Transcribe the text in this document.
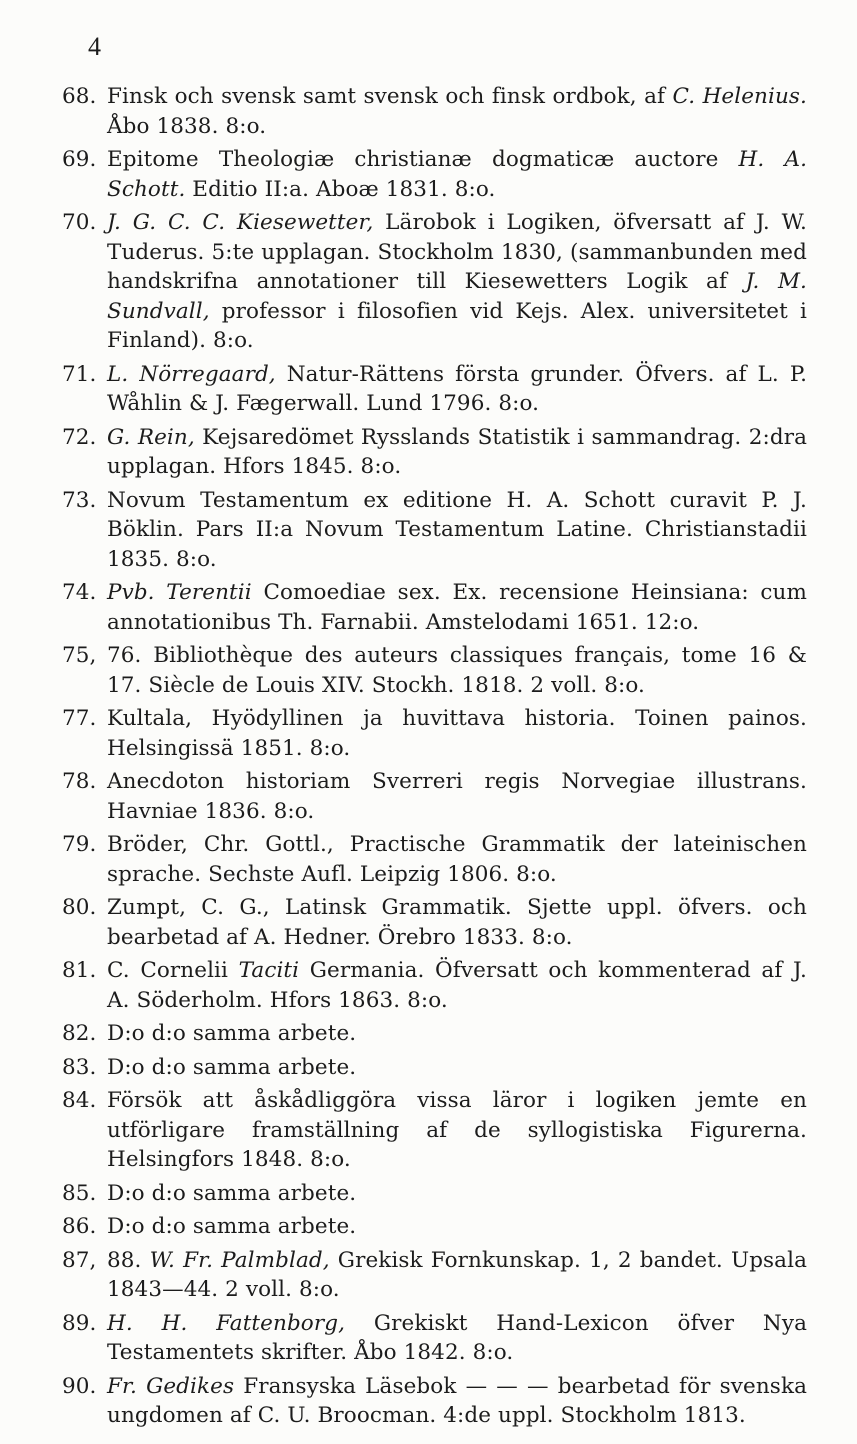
4
68. Finsk och svensk samt svensk och finsk ordbok, af C. Helenius. Åbo 1838. 8:o.
69. Epitome Theologiæ christianæ dogmaticæ auctore H. A. Schott. Editio II:a. Aboæ 1831. 8:o.
70. J. G. C. C. Kiesewetter, Lärobok i Logiken, öfversatt af J. W. Tuderus. 5:te upplagan. Stockholm 1830, (sammanbunden med handskrifna annotationer till Kiesewetters Logik af J. M. Sundvall, professor i filosofien vid Kejs. Alex. universitetet i Finland). 8:o.
71. L. Nörregaard, Natur-Rättens första grunder. Öfvers. af L. P. Wåhlin & J. Fægerwall. Lund 1796. 8:o.
72. G. Rein, Kejsaredömet Rysslands Statistik i sammandrag. 2:dra upplagan. Hfors 1845. 8:o.
73. Novum Testamentum ex editione H. A. Schott curavit P. J. Böklin. Pars II:a Novum Testamentum Latine. Christianstadii 1835. 8:o.
74. Pvb. Terentii Comoediae sex. Ex. recensione Heinsiana: cum annotationibus Th. Farnabii. Amstelodami 1651. 12:o.
75, 76. Bibliothèque des auteurs classiques français, tome 16 & 17. Siècle de Louis XIV. Stockh. 1818. 2 voll. 8:o.
77. Kultala, Hyödyllinen ja huvittava historia. Toinen painos. Helsingissä 1851. 8:o.
78. Anecdoton historiam Sverreri regis Norvegiae illustrans. Havniae 1836. 8:o.
79. Bröder, Chr. Gottl., Practische Grammatik der lateinischen sprache. Sechste Aufl. Leipzig 1806. 8:o.
80. Zumpt, C. G., Latinsk Grammatik. Sjette uppl. öfvers. och bearbetad af A. Hedner. Örebro 1833. 8:o.
81. C. Cornelii Taciti Germania. Öfversatt och kommenterad af J. A. Söderholm. Hfors 1863. 8:o.
82. D:o d:o samma arbete.
83. D:o d:o samma arbete.
84. Försök att åskådliggöra vissa läror i logiken jemte en utförligare framställning af de syllogistiska Figurerna. Helsingfors 1848. 8:o.
85. D:o d:o samma arbete.
86. D:o d:o samma arbete.
87, 88. W. Fr. Palmblad, Grekisk Fornkunskap. 1, 2 bandet. Upsala 1843—44. 2 voll. 8:o.
89. H. H. Fattenborg, Grekiskt Hand-Lexicon öfver Nya Testamentets skrifter. Åbo 1842. 8:o.
90. Fr. Gedikes Fransyska Läsebok — — — bearbetad för svenska ungdomen af C. U. Broocman. 4:de uppl. Stockholm 1813.
